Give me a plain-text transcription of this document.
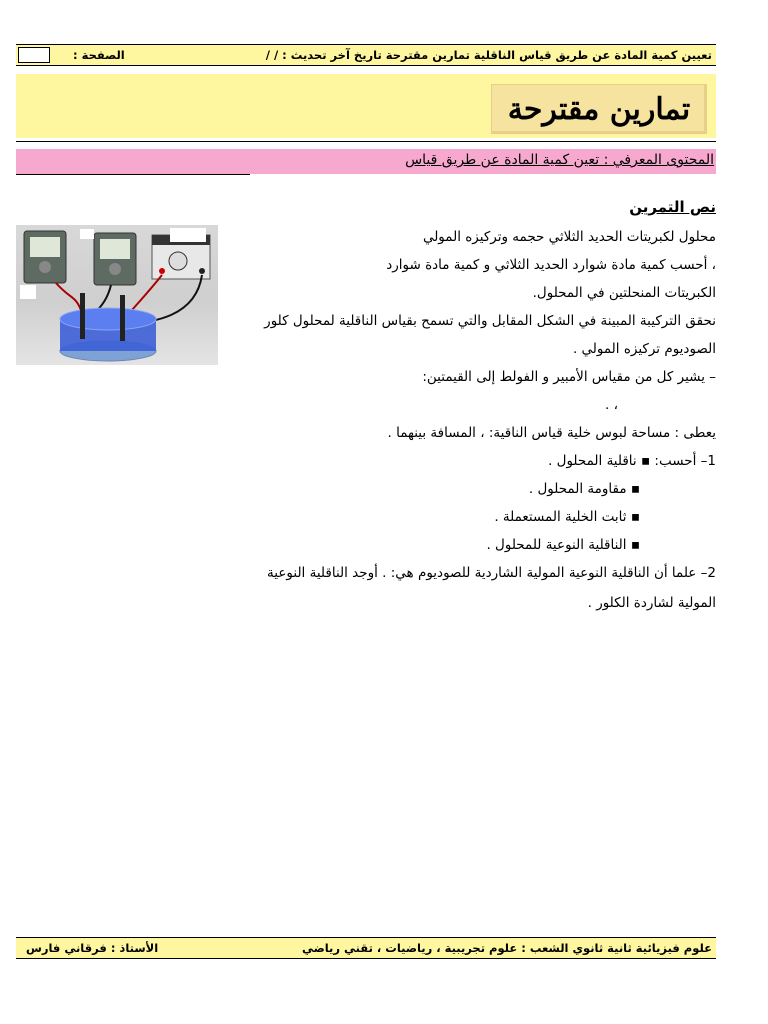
تعيين كمية المادة عن طريق قياس الناقلية تمارين مقترحة تاريخ آخر تحديث : / /
الصفحة :
تمارين مقترحة
المحتوى المعرفي : تعين كمية المادة عن طريق قياس
نص التمرين
محلول لكبريتات الحديد الثلاثي حجمه وتركيزه المولي
، أحسب كمية مادة شوارد الحديد الثلاثي و كمية مادة شوارد
الكبريتات المنحلتين في المحلول.
نحقق التركيبة المبينة في الشكل المقابل والتي تسمح بقياس الناقلية لمحلول كلور
الصوديوم تركيزه المولي .
– يشير كل من مقياس الأمبير و الفولط إلى القيمتين:
، .
يعطى : مساحة لبوس خلية قياس الناقية: ، المسافة بينهما .
1– أحسب: ▪ ناقلية المحلول .
▪ مقاومة المحلول .
▪ ثابت الخلية المستعملة .
▪ الناقلية النوعية للمحلول .
2– علما أن الناقلية النوعية المولية الشاردية للصوديوم هي: . أوجد الناقلية النوعية
المولية لشاردة الكلور .
علوم فيزيائية ثانية ثانوي الشعب : علوم تجريبية ، رياضيات ، تقني رياضي
الأستاذ : فرقاني فارس
